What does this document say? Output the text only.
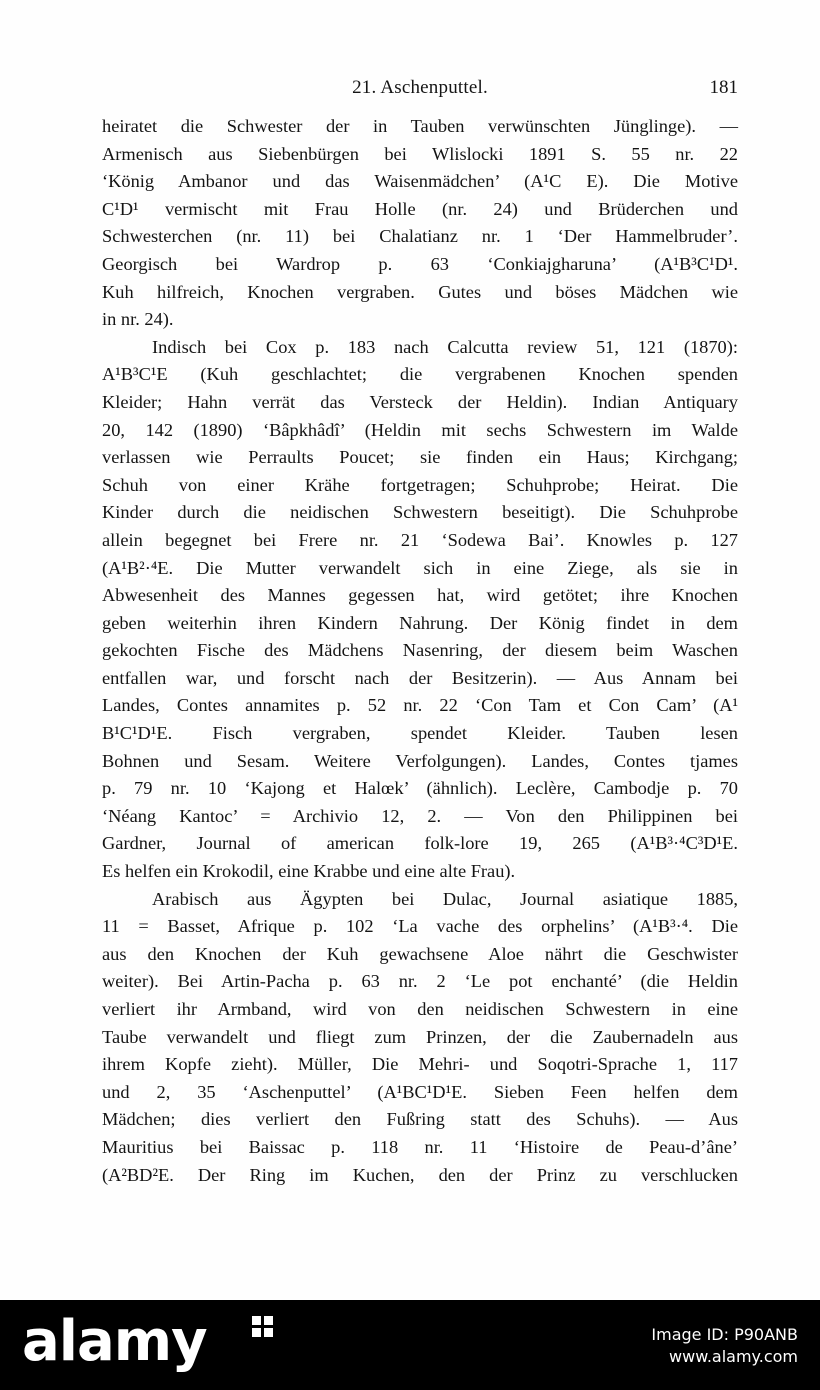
21. Aschenputtel.	181
heiratet die Schwester der in Tauben verwünschten Jünglinge). —
Armenisch aus Siebenbürgen bei Wlislocki 1891 S. 55 nr. 22
‘König Ambanor und das Waisenmädchen’ (A¹C E). Die Motive
C¹D¹ vermischt mit Frau Holle (nr. 24) und Brüderchen und
Schwesterchen (nr. 11) bei Chalatianz nr. 1 ‘Der Hammelbruder’.
Georgisch bei Wardrop p. 63 ‘Conkiajgharuna’ (A¹B³C¹D¹.
Kuh hilfreich, Knochen vergraben. Gutes und böses Mädchen wie
in nr. 24).
Indisch bei Cox p. 183 nach Calcutta review 51, 121 (1870):
A¹B³C¹E (Kuh geschlachtet; die vergrabenen Knochen spenden
Kleider; Hahn verrät das Versteck der Heldin). Indian Antiquary
20, 142 (1890) ‘Bâpkhâdî’ (Heldin mit sechs Schwestern im Walde
verlassen wie Perraults Poucet; sie finden ein Haus; Kirchgang;
Schuh von einer Krähe fortgetragen; Schuhprobe; Heirat. Die
Kinder durch die neidischen Schwestern beseitigt). Die Schuhprobe
allein begegnet bei Frere nr. 21 ‘Sodewa Bai’. Knowles p. 127
(A¹B²·⁴E. Die Mutter verwandelt sich in eine Ziege, als sie in
Abwesenheit des Mannes gegessen hat, wird getötet; ihre Knochen
geben weiterhin ihren Kindern Nahrung. Der König findet in dem
gekochten Fische des Mädchens Nasenring, der diesem beim Waschen
entfallen war, und forscht nach der Besitzerin). — Aus Annam bei
Landes, Contes annamites p. 52 nr. 22 ‘Con Tam et Con Cam’ (A¹
B¹C¹D¹E. Fisch vergraben, spendet Kleider. Tauben lesen
Bohnen und Sesam. Weitere Verfolgungen). Landes, Contes tjames
p. 79 nr. 10 ‘Kajong et Halœk’ (ähnlich). Leclère, Cambodje p. 70
‘Néang Kantoc’ = Archivio 12, 2. — Von den Philippinen bei
Gardner, Journal of american folk-lore 19, 265 (A¹B³·⁴C³D¹E.
Es helfen ein Krokodil, eine Krabbe und eine alte Frau).
Arabisch aus Ägypten bei Dulac, Journal asiatique 1885,
11 = Basset, Afrique p. 102 ‘La vache des orphelins’ (A¹B³·⁴. Die
aus den Knochen der Kuh gewachsene Aloe nährt die Geschwister
weiter). Bei Artin-Pacha p. 63 nr. 2 ‘Le pot enchanté’ (die Heldin
verliert ihr Armband, wird von den neidischen Schwestern in eine
Taube verwandelt und fliegt zum Prinzen, der die Zaubernadeln aus
ihrem Kopfe zieht). Müller, Die Mehri- und Soqotri-Sprache 1, 117
und 2, 35 ‘Aschenputtel’ (A¹BC¹D¹E. Sieben Feen helfen dem
Mädchen; dies verliert den Fußring statt des Schuhs). — Aus
Mauritius bei Baissac p. 118 nr. 11 ‘Histoire de Peau-d’âne’
(A²BD²E. Der Ring im Kuchen, den der Prinz zu verschlucken
alamy	Image ID: P90ANB
www.alamy.com
